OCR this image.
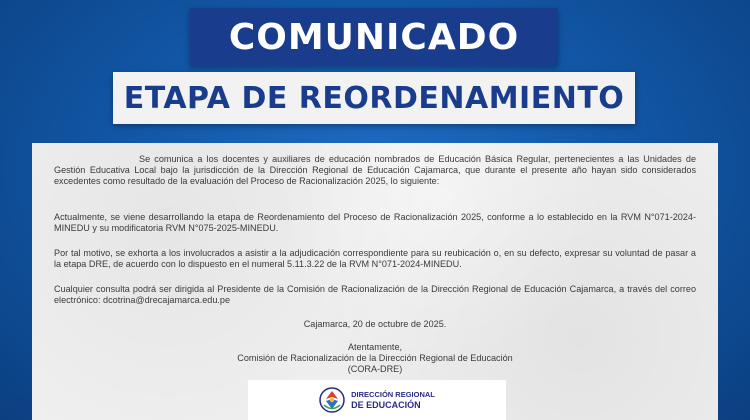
COMUNICADO
ETAPA DE REORDENAMIENTO

Se comunica a los docentes y auxiliares de educación nombrados de Educación Básica Regular, pertenecientes a las Unidades de Gestión Educativa Local bajo la jurisdicción de la Dirección Regional de Educación Cajamarca, que durante el presente año hayan sido considerados excedentes como resultado de la evaluación del Proceso de Racionalización 2025, lo siguiente:

Actualmente, se viene desarrollando la etapa de Reordenamiento del Proceso de Racionalización 2025, conforme a lo establecido en la RVM N°071-2024-MINEDU y su modificatoria RVM N°075-2025-MINEDU.

Por tal motivo, se exhorta a los involucrados a asistir a la adjudicación correspondiente para su reubicación o, en su defecto, expresar su voluntad de pasar a la etapa DRE, de acuerdo con lo dispuesto en el numeral 5.11.3.22 de la RVM N°071-2024-MINEDU.

Cualquier consulta podrá ser dirigida al Presidente de la Comisión de Racionalización de la Dirección Regional de Educación Cajamarca, a través del correo electrónico: dcotrina@drecajamarca.edu.pe

Cajamarca, 20 de octubre de 2025.

Atentamente,

Comisión de Racionalización de la Dirección Regional de Educación

(CORA-DRE)

DIRECCIÓN REGIONAL
DE EDUCACIÓN
